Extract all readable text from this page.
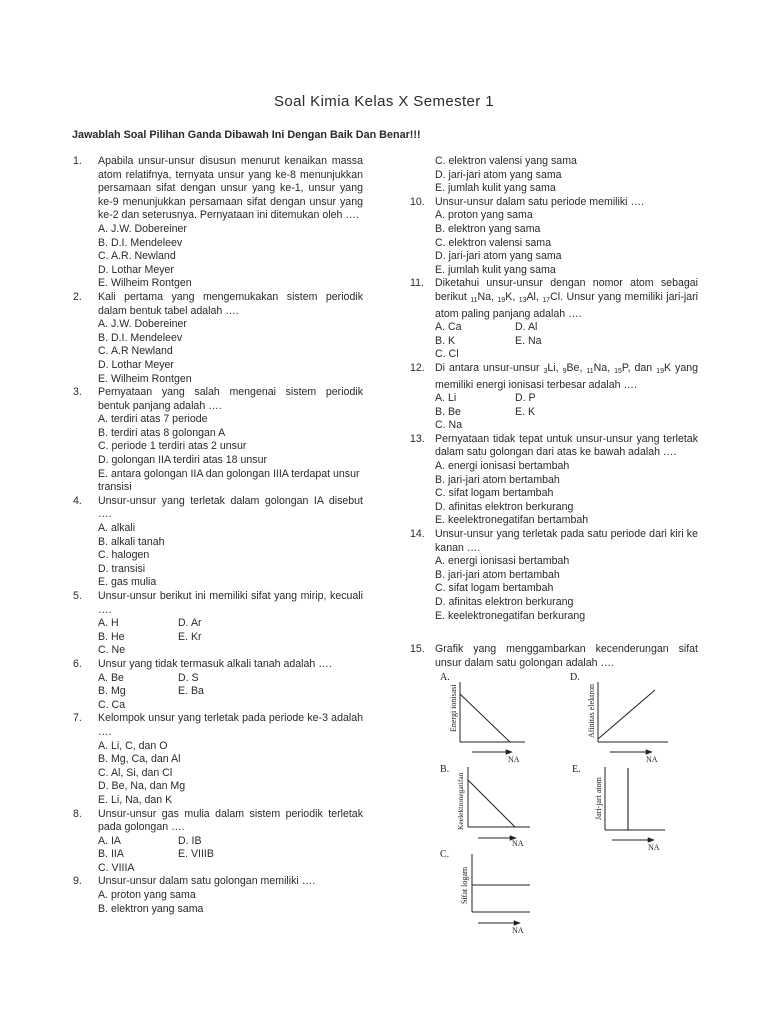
Soal Kimia Kelas X Semester 1
Jawablah Soal Pilihan Ganda Dibawah Ini Dengan Baik Dan Benar!!!
1. Apabila unsur-unsur disusun menurut kenaikan massa atom relatifnya, ternyata unsur yang ke-8 menunjukkan persamaan sifat dengan unsur yang ke-1, unsur yang ke-9 menunjukkan persamaan sifat dengan unsur yang ke-2 dan seterusnya. Pernyataan ini ditemukan oleh ….
A. J.W. Dobereiner
B. D.I. Mendeleev
C. A.R. Newland
D. Lothar Meyer
E. Wilheim Rontgen
2. Kali pertama yang mengemukakan sistem periodik dalam bentuk tabel adalah ….
A. J.W. Dobereiner
B. D.I. Mendeleev
C. A.R Newland
D. Lothar Meyer
E. Wilheim Rontgen
3. Pernyataan yang salah mengenai sistem periodik bentuk panjang adalah ….
A. terdiri atas 7 periode
B. terdiri atas 8 golongan A
C. periode 1 terdiri atas 2 unsur
D. golongan IIA terdiri atas 18 unsur
E. antara golongan IIA dan golongan IIIA terdapat unsur transisi
4. Unsur-unsur yang terletak dalam golongan IA disebut ….
A. alkali
B. alkali tanah
C. halogen
D. transisi
E. gas mulia
5. Unsur-unsur berikut ini memiliki sifat yang mirip, kecuali ….
A. H	D. Ar
B. He	E. Kr
C. Ne
6. Unsur yang tidak termasuk alkali tanah adalah ….
A. Be	D. S
B. Mg	E. Ba
C. Ca
7. Kelompok unsur yang terletak pada periode ke-3 adalah ….
A. Li, C, dan O
B. Mg, Ca, dan Al
C. Al, Si, dan Cl
D. Be, Na, dan Mg
E. Li, Na, dan K
8. Unsur-unsur gas mulia dalam sistem periodik terletak pada golongan ….
A. IA	D. IB
B. IIA	E. VIIIB
C. VIIIA
9. Unsur-unsur dalam satu golongan memiliki ….
A. proton yang sama
B. elektron yang sama
C. elektron valensi yang sama
D. jari-jari atom yang sama
E. jumlah kulit yang sama
10. Unsur-unsur dalam satu periode memiliki ….
A. proton yang sama
B. elektron yang sama
C. elektron valensi sama
D. jari-jari atom yang sama
E. jumlah kulit yang sama
11. Diketahui unsur-unsur dengan nomor atom sebagai berikut $_{11}$Na, $_{19}$K, $_{13}$Al, $_{17}$Cl. Unsur yang memiliki jari-jari atom paling panjang adalah ….
A. Ca	D. Al
B. K	E. Na
C. Cl
12. Di antara unsur-unsur $_3$Li, $_9$Be, $_{11}$Na, $_{15}$P, dan $_{19}$K yang memiliki energi ionisasi terbesar adalah ….
A. Li	D. P
B. Be	E. K
C. Na
13. Pernyataan tidak tepat untuk unsur-unsur yang terletak dalam satu golongan dari atas ke bawah adalah ….
A. energi ionisasi bertambah
B. jari-jari atom bertambah
C. sifat logam bertambah
D. afinitas elektron berkurang
E. keelektronegatifan bertambah
14. Unsur-unsur yang terletak pada satu periode dari kiri ke kanan ….
A. energi ionisasi bertambah
B. jari-jari atom bertambah
C. sifat logam bertambah
D. afinitas elektron berkurang
E. keelektronegatifan berkurang
15. Grafik yang menggambarkan kecenderungan sifat unsur dalam satu golongan adalah ….
A.
Energi ionisasi
NA
D.
Afinitas elektron
NA
B.
Keelektronegatifan
NA
E.
Jari-jari atom
NA
C.
Sifat logam
NA
